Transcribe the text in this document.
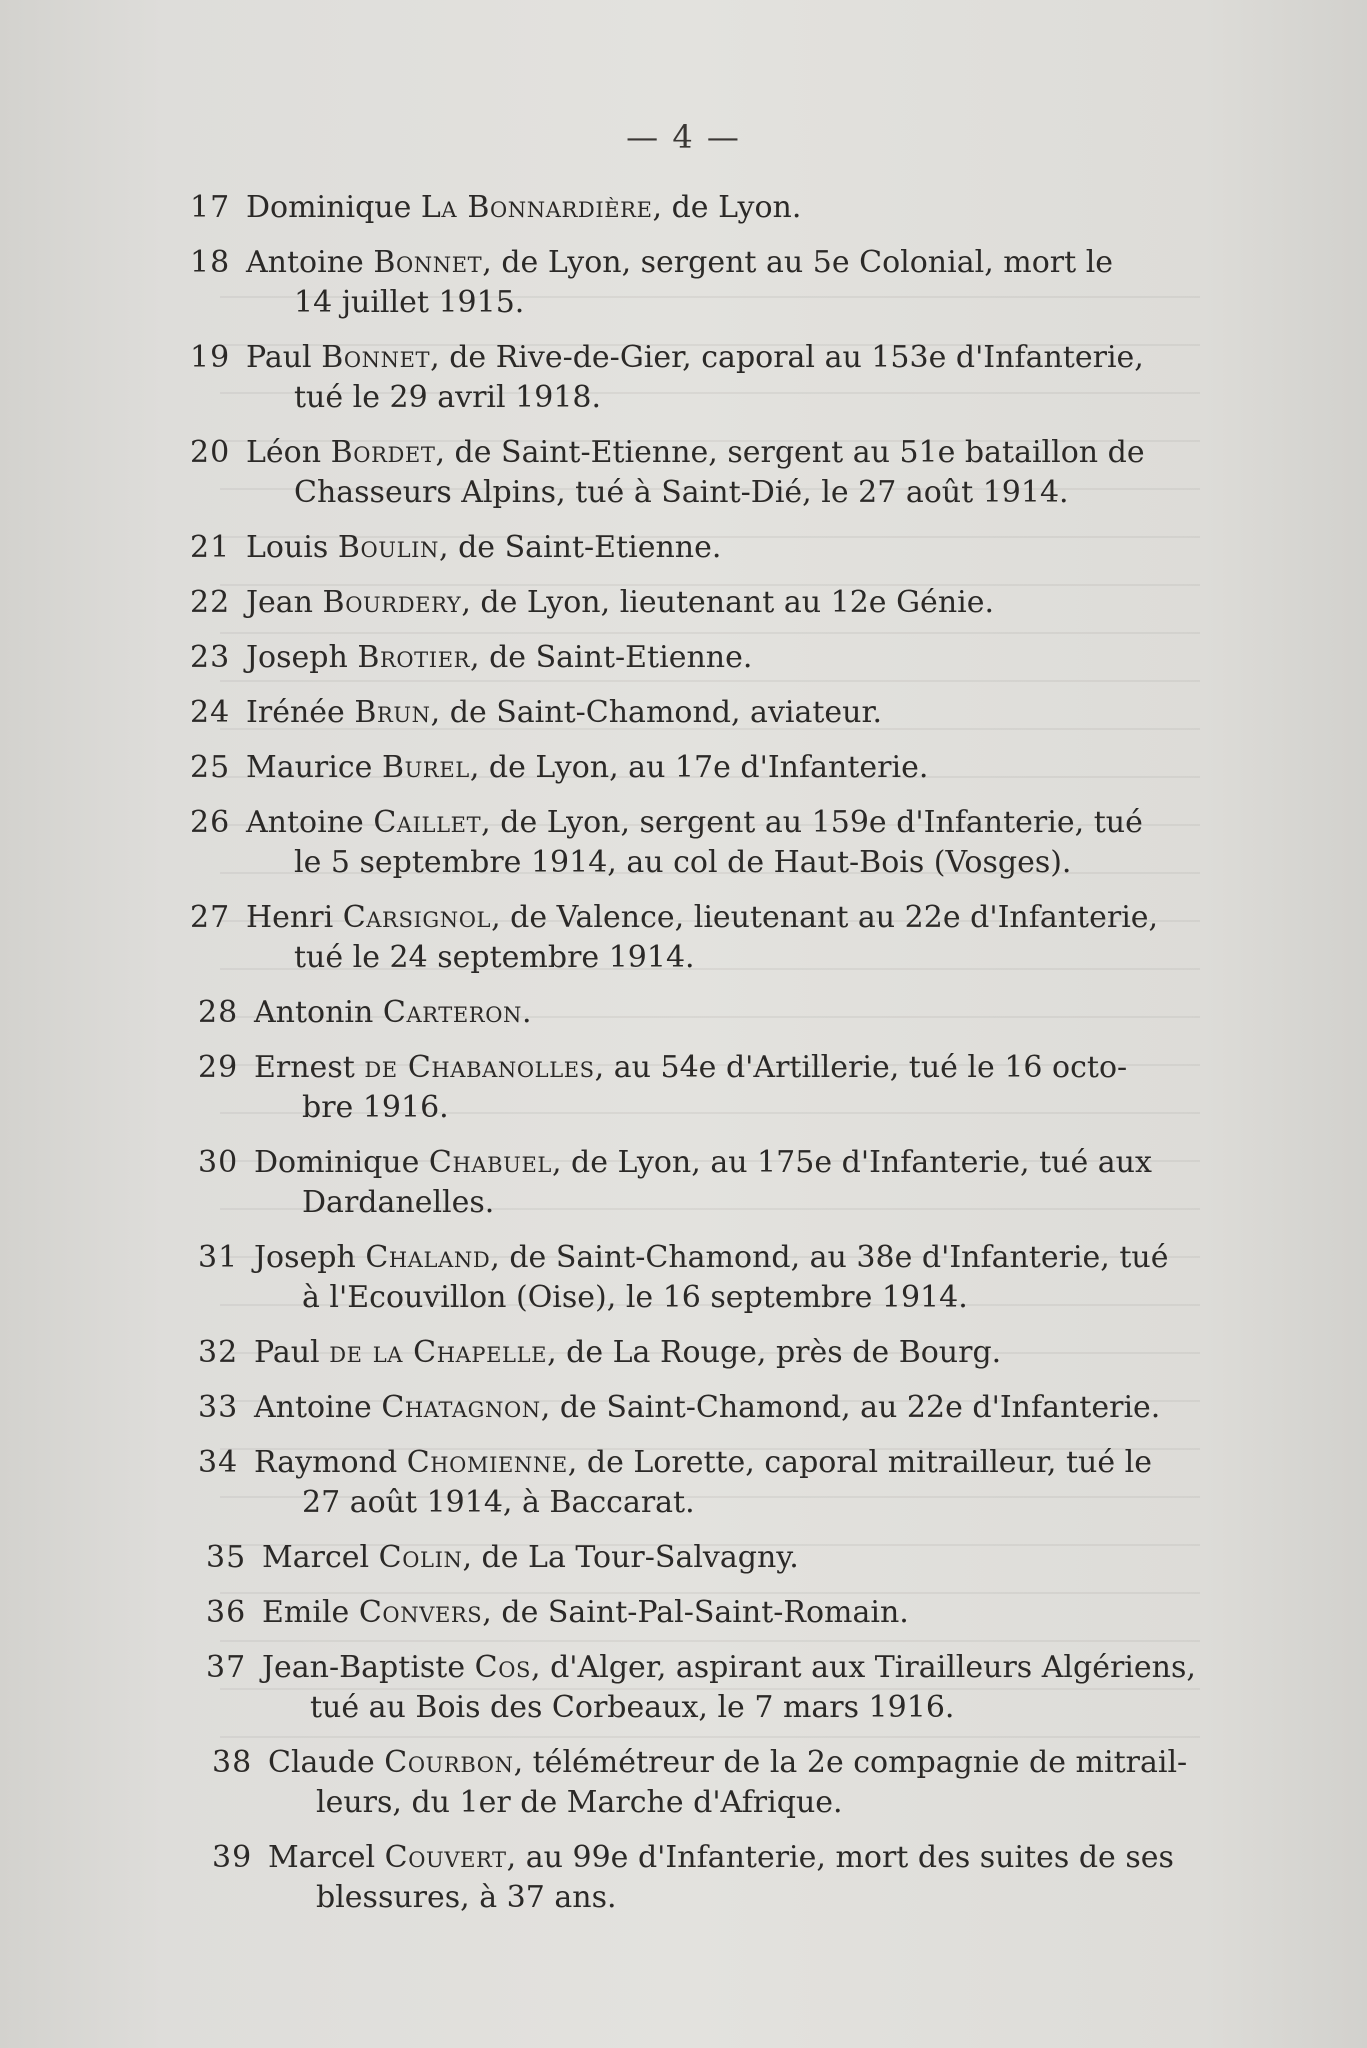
— 4 —
17 Dominique La Bonnardière, de Lyon.
18 Antoine Bonnet, de Lyon, sergent au 5e Colonial, mort le
14 juillet 1915.
19 Paul Bonnet, de Rive-de-Gier, caporal au 153e d'Infanterie,
tué le 29 avril 1918.
20 Léon Bordet, de Saint-Etienne, sergent au 51e bataillon de
Chasseurs Alpins, tué à Saint-Dié, le 27 août 1914.
21 Louis Boulin, de Saint-Etienne.
22 Jean Bourdery, de Lyon, lieutenant au 12e Génie.
23 Joseph Brotier, de Saint-Etienne.
24 Irénée Brun, de Saint-Chamond, aviateur.
25 Maurice Burel, de Lyon, au 17e d'Infanterie.
26 Antoine Caillet, de Lyon, sergent au 159e d'Infanterie, tué
le 5 septembre 1914, au col de Haut-Bois (Vosges).
27 Henri Carsignol, de Valence, lieutenant au 22e d'Infanterie,
tué le 24 septembre 1914.
28 Antonin Carteron.
29 Ernest de Chabanolles, au 54e d'Artillerie, tué le 16 octo-
bre 1916.
30 Dominique Chabuel, de Lyon, au 175e d'Infanterie, tué aux
Dardanelles.
31 Joseph Chaland, de Saint-Chamond, au 38e d'Infanterie, tué
à l'Ecouvillon (Oise), le 16 septembre 1914.
32 Paul de la Chapelle, de La Rouge, près de Bourg.
33 Antoine Chatagnon, de Saint-Chamond, au 22e d'Infanterie.
34 Raymond Chomienne, de Lorette, caporal mitrailleur, tué le
27 août 1914, à Baccarat.
35 Marcel Colin, de La Tour-Salvagny.
36 Emile Convers, de Saint-Pal-Saint-Romain.
37 Jean-Baptiste Cos, d'Alger, aspirant aux Tirailleurs Algériens,
tué au Bois des Corbeaux, le 7 mars 1916.
38 Claude Courbon, télémétreur de la 2e compagnie de mitrail-
leurs, du 1er de Marche d'Afrique.
39 Marcel Couvert, au 99e d'Infanterie, mort des suites de ses
blessures, à 37 ans.
